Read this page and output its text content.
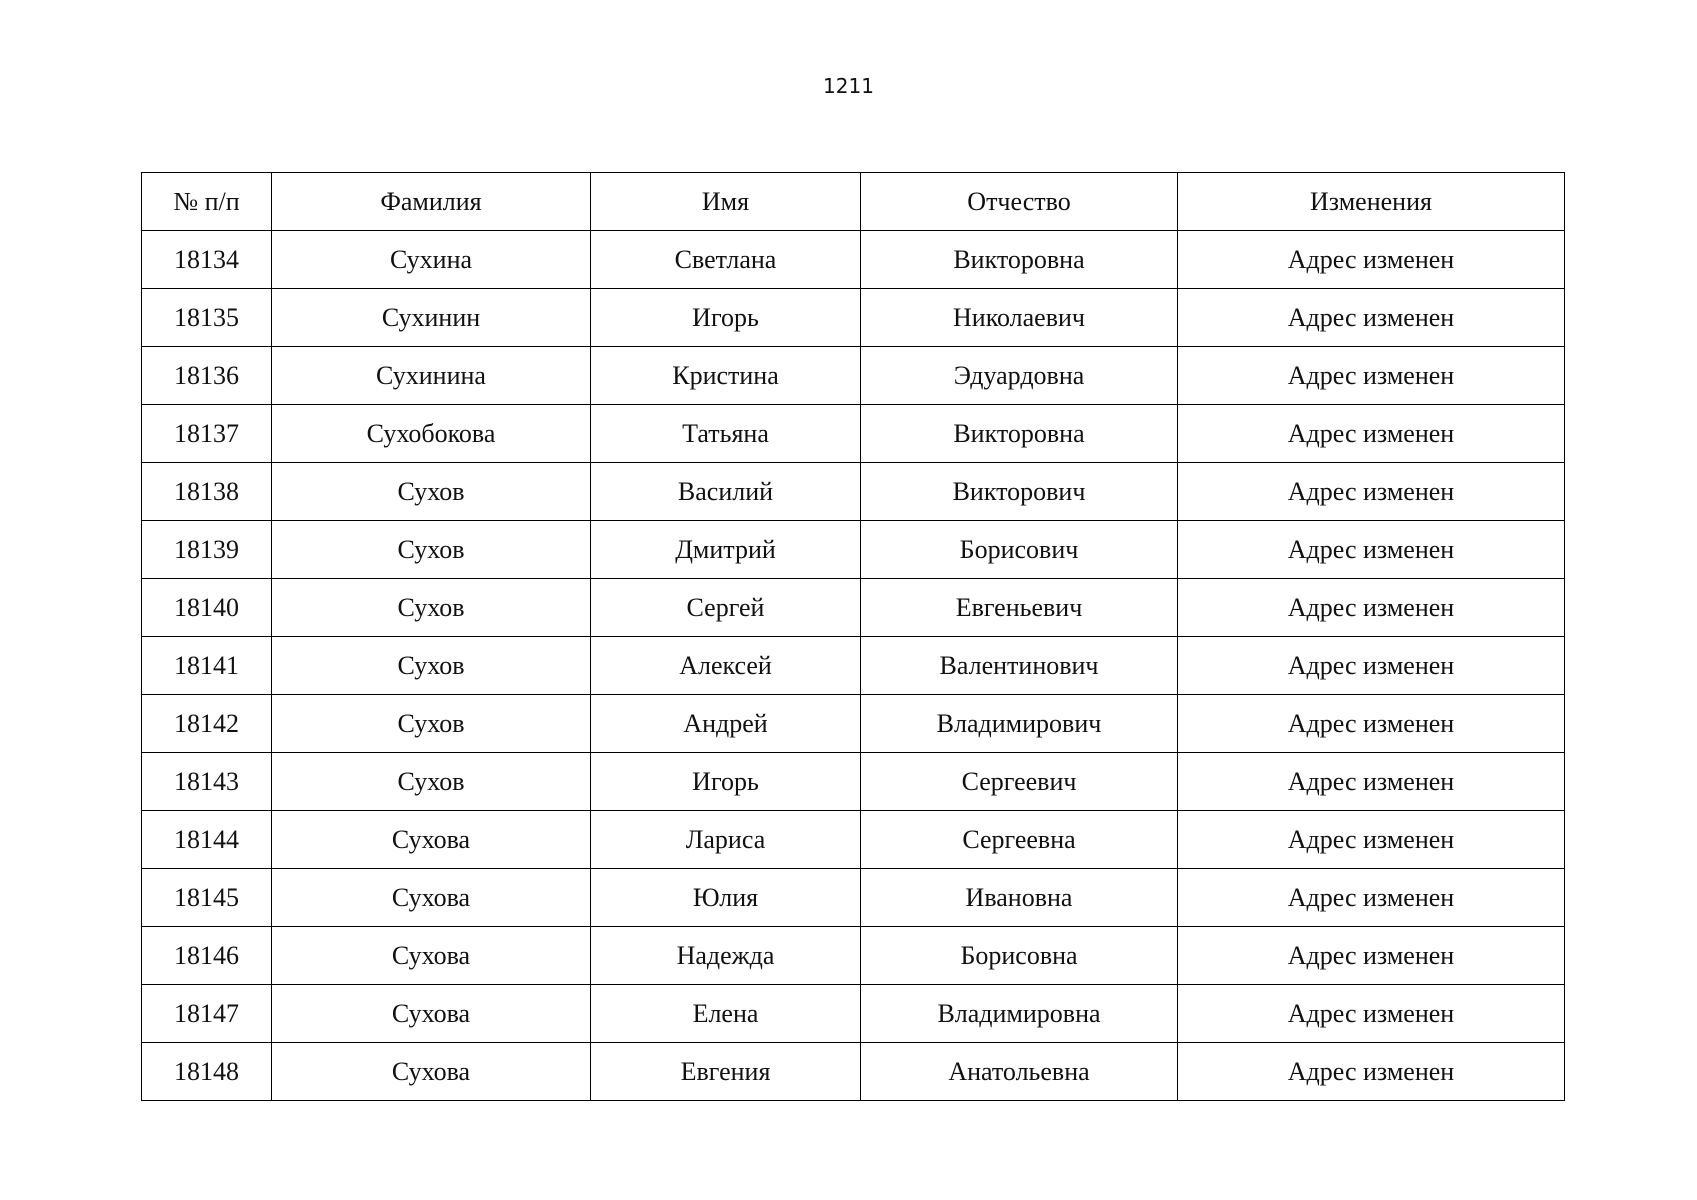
1211
№ п/п	Фамилия	Имя	Отчество	Изменения
18134	Сухина	Светлана	Викторовна	Адрес изменен
18135	Сухинин	Игорь	Николаевич	Адрес изменен
18136	Сухинина	Кристина	Эдуардовна	Адрес изменен
18137	Сухобокова	Татьяна	Викторовна	Адрес изменен
18138	Сухов	Василий	Викторович	Адрес изменен
18139	Сухов	Дмитрий	Борисович	Адрес изменен
18140	Сухов	Сергей	Евгеньевич	Адрес изменен
18141	Сухов	Алексей	Валентинович	Адрес изменен
18142	Сухов	Андрей	Владимирович	Адрес изменен
18143	Сухов	Игорь	Сергеевич	Адрес изменен
18144	Сухова	Лариса	Сергеевна	Адрес изменен
18145	Сухова	Юлия	Ивановна	Адрес изменен
18146	Сухова	Надежда	Борисовна	Адрес изменен
18147	Сухова	Елена	Владимировна	Адрес изменен
18148	Сухова	Евгения	Анатольевна	Адрес изменен
